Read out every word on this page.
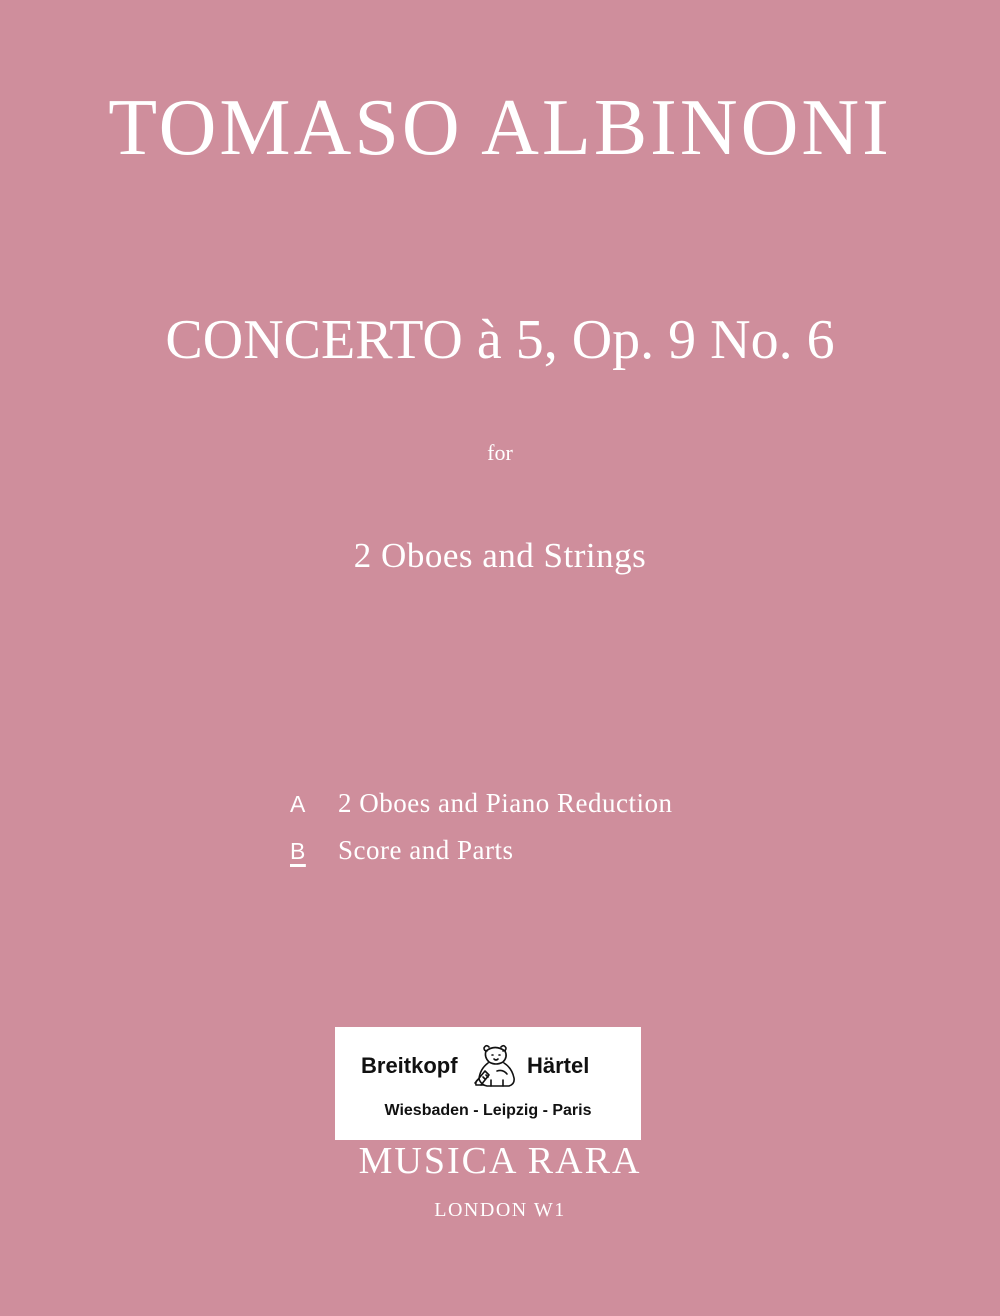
TOMASO ALBINONI
CONCERTO à 5, Op. 9 No. 6
for
2 Oboes and Strings
A 2 Oboes and Piano Reduction
B Score and Parts
Breitkopf	Härtel
Wiesbaden - Leipzig - Paris
MUSICA RARA
LONDON W1
